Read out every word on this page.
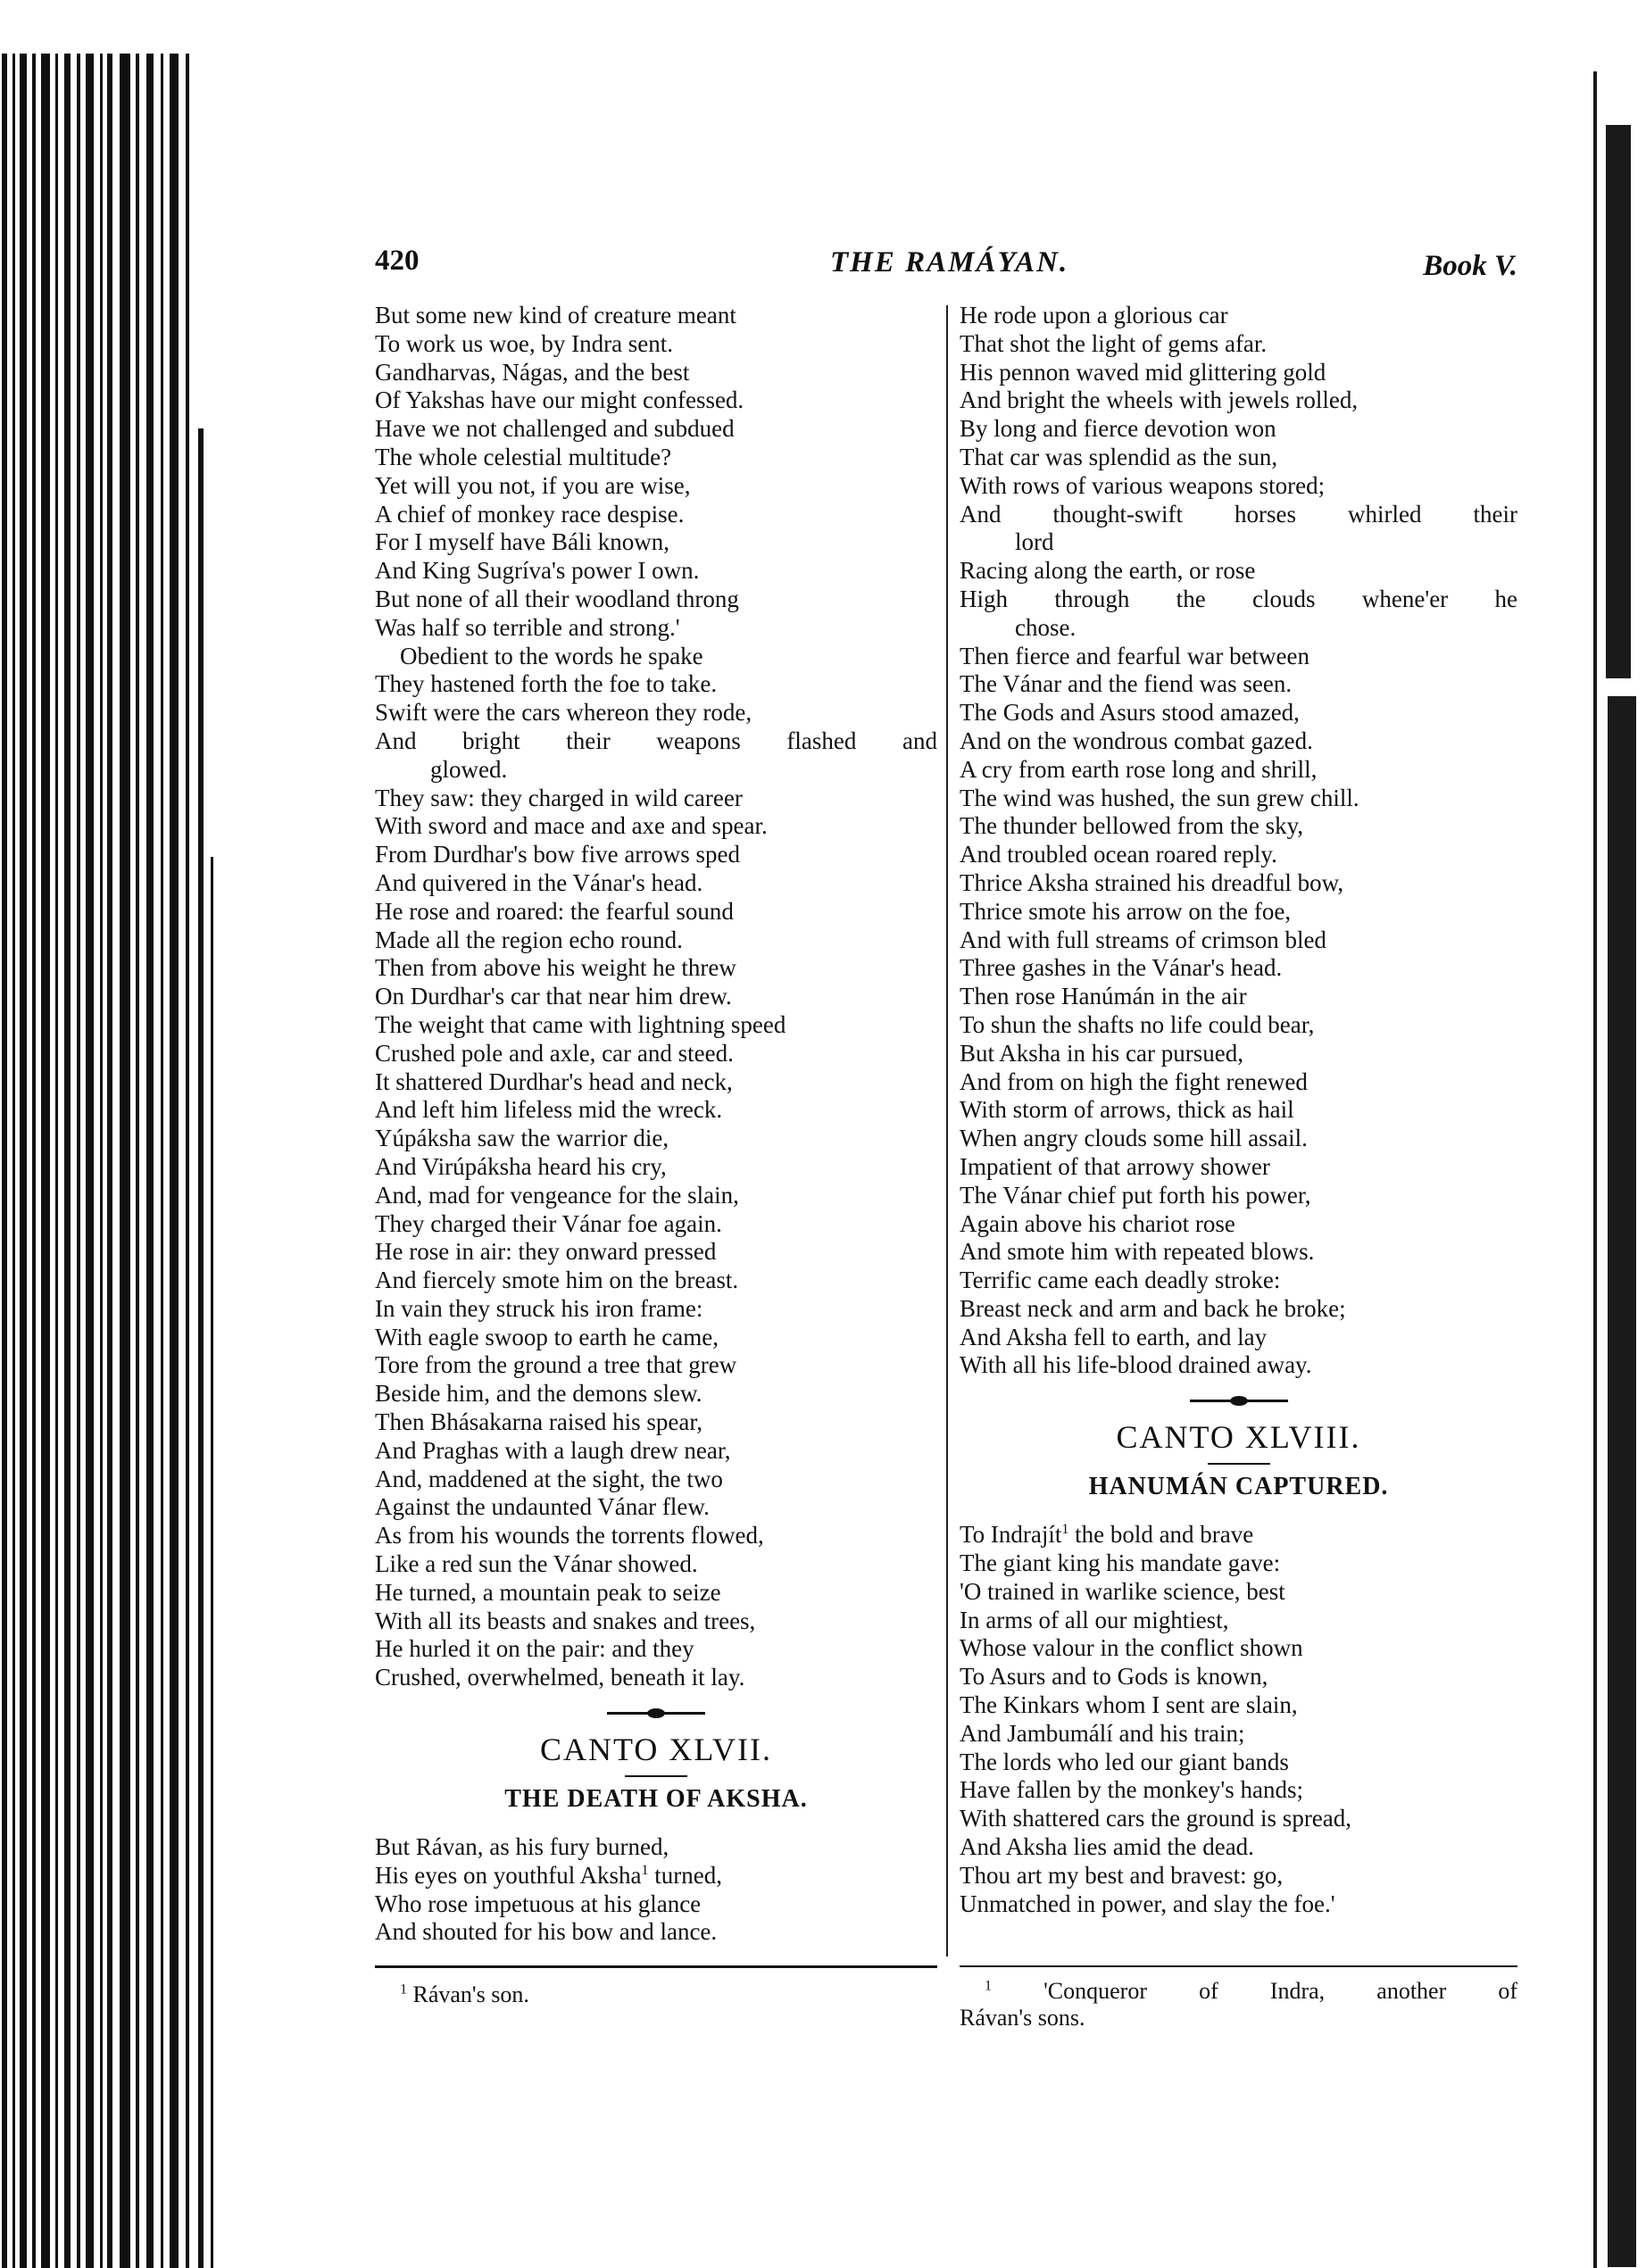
420	THE RAMÁYAN.	Book V.
But some new kind of creature meant
To work us woe, by Indra sent.
Gandharvas, Nágas, and the best
Of Yakshas have our might confessed.
Have we not challenged and subdued
The whole celestial multitude?
Yet will you not, if you are wise,
A chief of monkey race despise.
For I myself have Báli known,
And King Sugríva's power I own.
But none of all their woodland throng
Was half so terrible and strong.'
Obedient to the words he spake
They hastened forth the foe to take.
Swift were the cars whereon they rode,
And bright their weapons flashed and
glowed.
They saw: they charged in wild career
With sword and mace and axe and spear.
From Durdhar's bow five arrows sped
And quivered in the Vánar's head.
He rose and roared: the fearful sound
Made all the region echo round.
Then from above his weight he threw
On Durdhar's car that near him drew.
The weight that came with lightning speed
Crushed pole and axle, car and steed.
It shattered Durdhar's head and neck,
And left him lifeless mid the wreck.
Yúpáksha saw the warrior die,
And Virúpáksha heard his cry,
And, mad for vengeance for the slain,
They charged their Vánar foe again.
He rose in air: they onward pressed
And fiercely smote him on the breast.
In vain they struck his iron frame:
With eagle swoop to earth he came,
Tore from the ground a tree that grew
Beside him, and the demons slew.
Then Bhásakarna raised his spear,
And Praghas with a laugh drew near,
And, maddened at the sight, the two
Against the undaunted Vánar flew.
As from his wounds the torrents flowed,
Like a red sun the Vánar showed.
He turned, a mountain peak to seize
With all its beasts and snakes and trees,
He hurled it on the pair: and they
Crushed, overwhelmed, beneath it lay.
CANTO XLVII.
THE DEATH OF AKSHA.
But Rávan, as his fury burned,
His eyes on youthful Aksha$^1$ turned,
Who rose impetuous at his glance
And shouted for his bow and lance.
He rode upon a glorious car
That shot the light of gems afar.
His pennon waved mid glittering gold
And bright the wheels with jewels rolled,
By long and fierce devotion won
That car was splendid as the sun,
With rows of various weapons stored;
And thought-swift horses whirled their
lord
Racing along the earth, or rose
High through the clouds whene'er he
chose.
Then fierce and fearful war between
The Vánar and the fiend was seen.
The Gods and Asurs stood amazed,
And on the wondrous combat gazed.
A cry from earth rose long and shrill,
The wind was hushed, the sun grew chill.
The thunder bellowed from the sky,
And troubled ocean roared reply.
Thrice Aksha strained his dreadful bow,
Thrice smote his arrow on the foe,
And with full streams of crimson bled
Three gashes in the Vánar's head.
Then rose Hanúmán in the air
To shun the shafts no life could bear,
But Aksha in his car pursued,
And from on high the fight renewed
With storm of arrows, thick as hail
When angry clouds some hill assail.
Impatient of that arrowy shower
The Vánar chief put forth his power,
Again above his chariot rose
And smote him with repeated blows.
Terrific came each deadly stroke:
Breast neck and arm and back he broke;
And Aksha fell to earth, and lay
With all his life-blood drained away.
CANTO XLVIII.
HANUMÁN CAPTURED.
To Indrajít$^1$ the bold and brave
The giant king his mandate gave:
'O trained in warlike science, best
In arms of all our mightiest,
Whose valour in the conflict shown
To Asurs and to Gods is known,
The Kinkars whom I sent are slain,
And Jambumálí and his train;
The lords who led our giant bands
Have fallen by the monkey's hands;
With shattered cars the ground is spread,
And Aksha lies amid the dead.
Thou art my best and bravest: go,
Unmatched in power, and slay the foe.'
$^1$ Rávan's son.	$^1$ 'Conqueror of Indra, another of
Rávan's sons.
